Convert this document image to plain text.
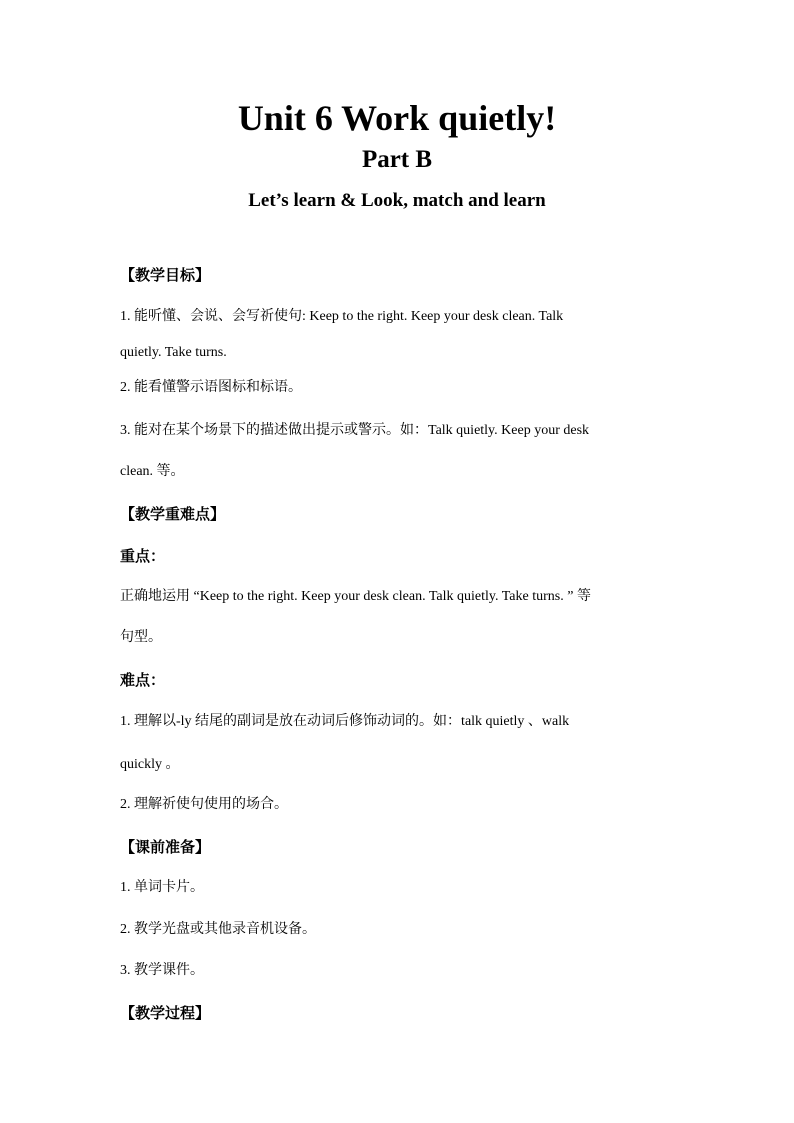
Unit 6 Work quietly!
Part B
Let’s learn & Look, match and learn
【教学目标】
1. 能听懂、会说、会写祈使句: Keep to the right. Keep your desk clean. Talk
quietly. Take turns.
2. 能看懂警示语图标和标语。
3. 能对在某个场景下的描述做出提示或警示。如：Talk quietly. Keep your desk
clean. 等。
【教学重难点】
重点：
正确地运用 “Keep to the right. Keep your desk clean. Talk quietly. Take turns. ” 等
句型。
难点：
1. 理解以-ly 结尾的副词是放在动词后修饰动词的。如：talk quietly 、walk
quickly 。
2. 理解祈使句使用的场合。
【课前准备】
1. 单词卡片。
2. 教学光盘或其他录音机设备。
3. 教学课件。
【教学过程】
